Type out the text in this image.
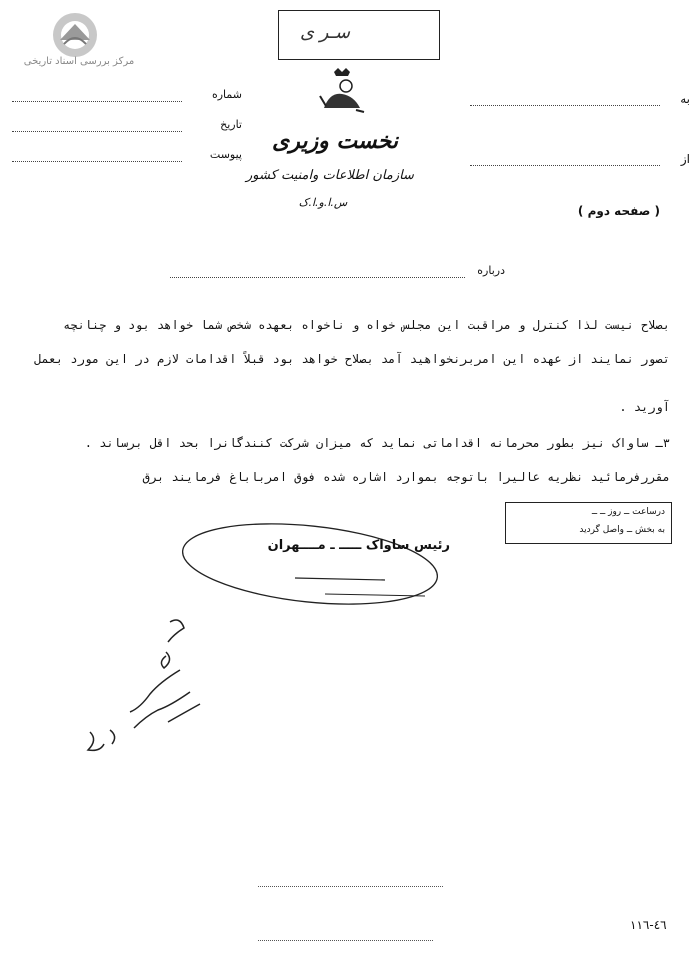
مرکز بررسی اسناد تاریخی
سـر ی
شماره
تاریخ
پیوست
به
از
نخست وزیری
سازمان اطلاعات وامنیت کشور
س.ا.و.ا.ک
( صفحه دوم )
درباره
بصلاح نیست لذا کنترل و مراقبت این مجلس خواه و ناخواه بعهده شخص شما خواهد بود و چنانچه
تصور نمایند از عهده این امربرنخواهید آمد بصلاح خواهد بود قبلاً اقدامات لازم در این مورد بعمل
آورید .
٣ـ ساواک نیز بطور محرمانه اقداماتی نماید که میزان شرکت کنندگانرا بحد اقل برساند .
مقررفرمائید نظریه عالیرا باتوجه بموارد اشاره شده فوق امرباباغ فرمایند برق
درساعت ــ روز ــ ــ
به بخش ــ واصل گردید
رئیس ساواک ـــــ ـ مــــهران
٤٦-١١٦
